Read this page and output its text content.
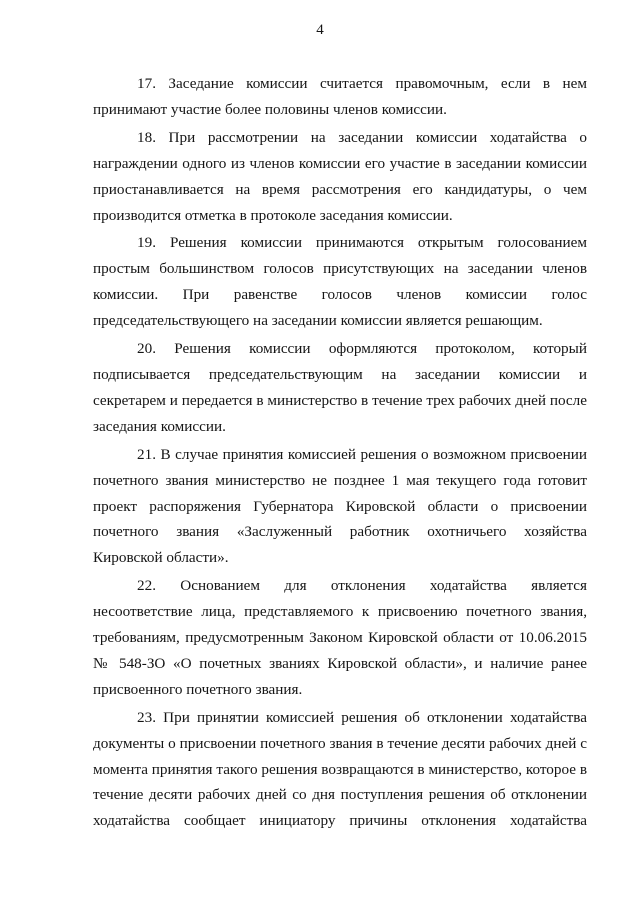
4

17. Заседание комиссии считается правомочным, если в нем принимают участие более половины членов комиссии.

18. При рассмотрении на заседании комиссии ходатайства о награждении одного из членов комиссии его участие в заседании комиссии приостанавливается на время рассмотрения его кандидатуры, о чем производится отметка в протоколе заседания комиссии.

19. Решения комиссии принимаются открытым голосованием простым большинством голосов присутствующих на заседании членов комиссии. При равенстве голосов членов комиссии голос председательствующего на заседании комиссии является решающим.

20. Решения комиссии оформляются протоколом, который подписывается председательствующим на заседании комиссии и секретарем и передается в министерство в течение трех рабочих дней после заседания комиссии.

21. В случае принятия комиссией решения о возможном присвоении почетного звания министерство не позднее 1 мая текущего года готовит проект распоряжения Губернатора Кировской области о присвоении почетного звания «Заслуженный работник охотничьего хозяйства Кировской области».

22. Основанием для отклонения ходатайства является несоответствие лица, представляемого к присвоению почетного звания, требованиям, предусмотренным Законом Кировской области от 10.06.2015 № 548-ЗО «О почетных званиях Кировской области», и наличие ранее присвоенного почетного звания.

23. При принятии комиссией решения об отклонении ходатайства документы о присвоении почетного звания в течение десяти рабочих дней с момента принятия такого решения возвращаются в министерство, которое в течение десяти рабочих дней со дня поступления решения об отклонении ходатайства сообщает инициатору причины отклонения ходатайства
